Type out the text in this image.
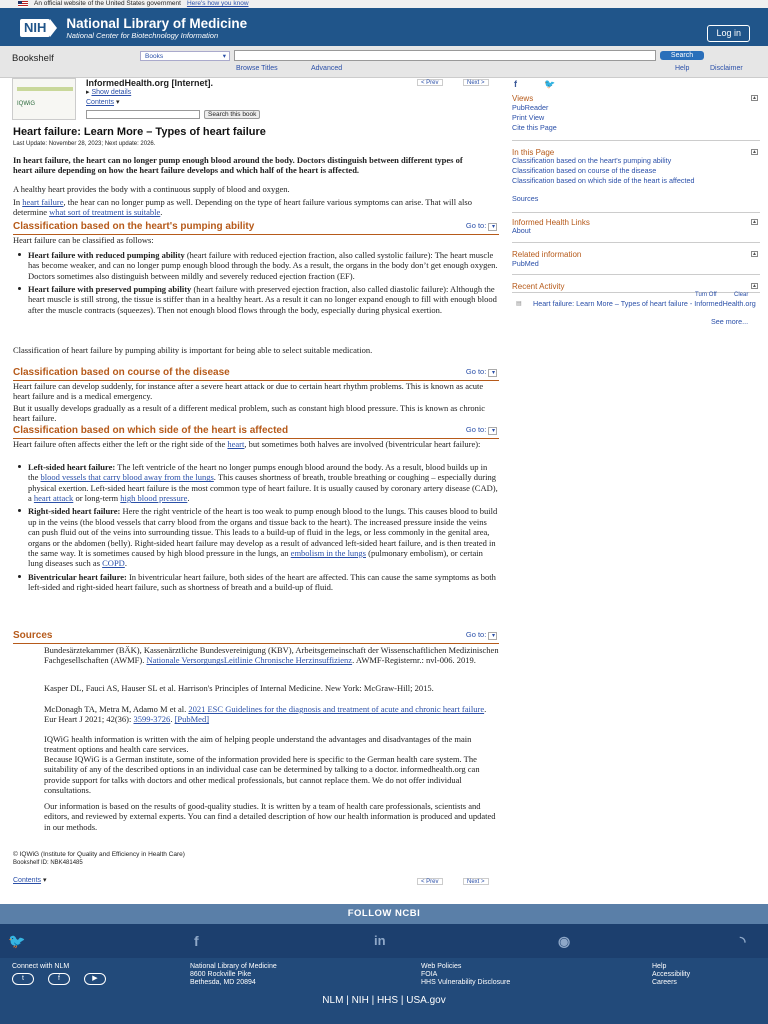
An official website of the United States government Here's how you know
NIH National Library of Medicine
National Center for Biotechnology Information	Log in
Bookshelf	Books ▾	Search
Browse Titles	Advanced	Help	Disclaimer
IQWiG
InformedHealth.org [Internet].
▸ Show details
Contents ▾
Search this book
< Prev	Next >
Heart failure: Learn More – Types of heart failure
Last Update: November 28, 2023; Next update: 2026.
In heart failure, the heart can no longer pump enough blood around the body. Doctors distinguish between different types of heart ailure depending on how the heart failure develops and which half of the heart is affected.
A healthy heart provides the body with a continuous supply of blood and oxygen.
In heart failure, the hear can no longer pump as well. Depending on the type of heart failure various symptoms can arise. That will also determine what sort of treatment is suitable.
Classification based on the heart's pumping ability	Go to: ▾
Heart failure can be classified as follows:
Heart failure with reduced pumping ability (heart failure with reduced ejection fraction, also called systolic failure): The heart muscle has become weaker, and can no longer pump enough blood through the body. As a result, the organs in the body don’t get enough oxygen. Doctors sometimes also distinguish between mildly and severely reduced ejection fraction (EF).
Heart failure with preserved pumping ability (heart failure with preserved ejection fraction, also called diastolic failure): Although the heart muscle is still strong, the tissue is stiffer than in a healthy heart. As a result it can no longer expand enough to fill with enough blood after the muscle contracts (squeezes). Then not enough blood flows through the body, especially during physical exertion.
Classification of heart failure by pumping ability is important for being able to select suitable medication.
Classification based on course of the disease	Go to: ▾
Heart failure can develop suddenly, for instance after a severe heart attack or due to certain heart rhythm problems. This is known as acute heart failure and is a medical emergency.
But it usually develops gradually as a result of a different medical problem, such as constant high blood pressure. This is known as chronic heart failure.
Classification based on which side of the heart is affected	Go to: ▾
Heart failure often affects either the left or the right side of the heart, but sometimes both halves are involved (biventricular heart failure):
Left-sided heart failure: The left ventricle of the heart no longer pumps enough blood around the body. As a result, blood builds up in the blood vessels that carry blood away from the lungs. This causes shortness of breath, trouble breathing or coughing – especially during physical exertion. Left-sided heart failure is the most common type of heart failure. It is usually caused by coronary artery disease (CAD), a heart attack or long-term high blood pressure.
Right-sided heart failure: Here the right ventricle of the heart is too weak to pump enough blood to the lungs. This causes blood to build up in the veins (the blood vessels that carry blood from the organs and tissue back to the heart). The increased pressure inside the veins can push fluid out of the veins into surrounding tissue. This leads to a build-up of fluid in the legs, or less commonly in the genital area, organs or the abdomen (belly). Right-sided heart failure may develop as a result of advanced left-sided heart failure, and is then treated in the same way. It is sometimes caused by high blood pressure in the lungs, an embolism in the lungs (pulmonary embolism), or certain lung diseases such as COPD.
Biventricular heart failure: In biventricular heart failure, both sides of the heart are affected. This can cause the same symptoms as both left-sided and right-sided heart failure, such as shortness of breath and a build-up of fluid.
Sources	Go to: ▾
Bundesärztekammer (BÄK), Kassenärztliche Bundesvereinigung (KBV), Arbeitsgemeinschaft der Wissenschaftlichen Medizinischen Fachgesellschaften (AWMF). Nationale VersorgungsLeitlinie Chronische Herzinsuffizienz. AWMF-Registernr.: nvl-006. 2019.
Kasper DL, Fauci AS, Hauser SL et al. Harrison's Principles of Internal Medicine. New York: McGraw-Hill; 2015.
McDonagh TA, Metra M, Adamo M et al. 2021 ESC Guidelines for the diagnosis and treatment of acute and chronic heart failure. Eur Heart J 2021; 42(36): 3599-3726. [PubMed]
IQWiG health information is written with the aim of helping people understand the advantages and disadvantages of the main treatment options and health care services.
Because IQWiG is a German institute, some of the information provided here is specific to the German health care system. The suitability of any of the described options in an individual case can be determined by talking to a doctor. informedhealth.org can provide support for talks with doctors and other medical professionals, but cannot replace them. We do not offer individual consultations.
Our information is based on the results of good-quality studies. It is written by a team of health care professionals, scientists and editors, and reviewed by external experts. You can find a detailed description of how our health information is produced and updated in our methods.
© IQWiG (Institute for Quality and Efficiency in Health Care)
Bookshelf ID: NBK481485
Contents ▾	< Prev	Next >
f	🐦
Views	▲
PubReader
Print View
Cite this Page
In this Page	▲
Classification based on the heart's pumping ability
Classification based on course of the disease
Classification based on which side of the heart is affected
Sources
Informed Health Links	▲
About
Related information	▲
PubMed
Recent Activity	▲
Turn Off	Clear
▤ Heart failure: Learn More – Types of heart failure - InformedHealth.org
See more...
FOLLOW NCBI
🐦	f	in	◉	◝
Connect with NLM
t	f	▶
National Library of Medicine
8600 Rockville Pike
Bethesda, MD 20894
Web Policies
FOIA
HHS Vulnerability Disclosure
Help
Accessibility
Careers
NLM | NIH | HHS | USA.gov
